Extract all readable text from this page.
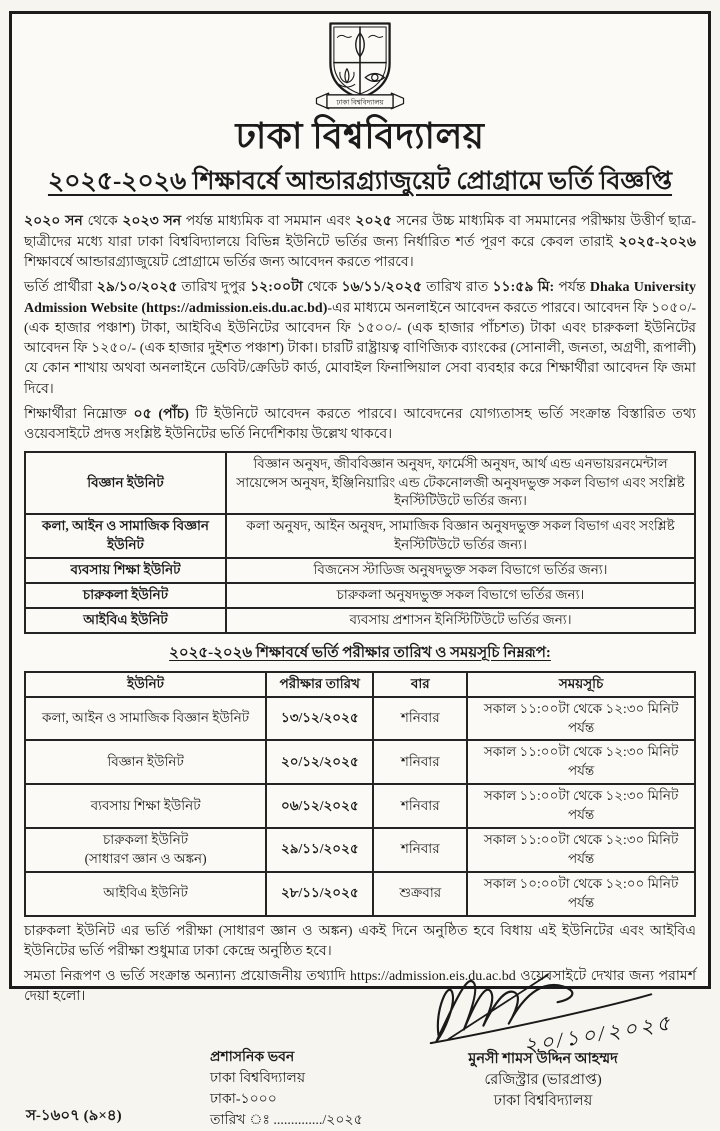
ঢাকা বিশ্ববিদ্যালয়
ঢাকা বিশ্ববিদ্যালয়
২০২৫-২০২৬ শিক্ষাবর্ষে আন্ডারগ্র্যাজুয়েট প্রোগ্রামে ভর্তি বিজ্ঞপ্তি

২০২০ সন থেকে ২০২৩ সন পর্যন্ত মাধ্যমিক বা সমমান এবং ২০২৫ সনের উচ্চ মাধ্যমিক বা সমমানের পরীক্ষায় উত্তীর্ণ ছাত্র-ছাত্রীদের মধ্যে যারা ঢাকা বিশ্ববিদ্যালয়ে বিভিন্ন ইউনিটে ভর্তির জন্য নির্ধারিত শর্ত পূরণ করে কেবল তারাই ২০২৫-২০২৬ শিক্ষাবর্ষে আন্ডারগ্র্যাজুয়েট প্রোগ্রামে ভর্তির জন্য আবেদন করতে পারবে।

ভর্তি প্রার্থীরা ২৯/১০/২০২৫ তারিখ দুপুর ১২:০০টা থেকে ১৬/১১/২০২৫ তারিখ রাত ১১:৫৯ মি: পর্যন্ত Dhaka University Admission Website (https://admission.eis.du.ac.bd)-এর মাধ্যমে অনলাইনে আবেদন করতে পারবে। আবেদন ফি ১০৫০/- (এক হাজার পঞ্চাশ) টাকা, আইবিএ ইউনিটের আবেদন ফি ১৫০০/- (এক হাজার পাঁচশত) টাকা এবং চারুকলা ইউনিটের আবেদন ফি ১২৫০/- (এক হাজার দুইশত পঞ্চাশ) টাকা। চারটি রাষ্ট্রায়ত্ব বাণিজ্যিক ব্যাংকের (সোনালী, জনতা, অগ্রণী, রূপালী) যে কোন শাখায় অথবা অনলাইনে ডেবিট/ক্রেডিট কার্ড, মোবাইল ফিনান্সিয়াল সেবা ব্যবহার করে শিক্ষার্থীরা আবেদন ফি জমা দিবে।

শিক্ষার্থীরা নিম্নোক্ত ০৫ (পাঁচ) টি ইউনিটে আবেদন করতে পারবে। আবেদনের যোগ্যতাসহ ভর্তি সংক্রান্ত বিস্তারিত তথ্য ওয়েবসাইটে প্রদত্ত সংশ্লিষ্ট ইউনিটের ভর্তি নির্দেশিকায় উল্লেখ থাকবে।

বিজ্ঞান ইউনিট	বিজ্ঞান অনুষদ, জীববিজ্ঞান অনুষদ, ফার্মেসী অনুষদ, আর্থ এন্ড এনভায়রনমেন্টাল সায়েন্সেস অনুষদ, ইঞ্জিনিয়ারিং এন্ড টেকনোলজী অনুষদভুক্ত সকল বিভাগ এবং সংশ্লিষ্ট ইনস্টিটিউটে ভর্তির জন্য।
কলা, আইন ও সামাজিক বিজ্ঞান ইউনিট	কলা অনুষদ, আইন অনুষদ, সামাজিক বিজ্ঞান অনুষদভুক্ত সকল বিভাগ এবং সংশ্লিষ্ট ইনস্টিটিউটে ভর্তির জন্য।
ব্যবসায় শিক্ষা ইউনিট	বিজনেস স্টাডিজ অনুষদভুক্ত সকল বিভাগে ভর্তির জন্য।
চারুকলা ইউনিট	চারুকলা অনুষদভুক্ত সকল বিভাগে ভর্তির জন্য।
আইবিএ ইউনিট	ব্যবসায় প্রশাসন ইনিস্টিটিউটে ভর্তির জন্য।
২০২৫-২০২৬ শিক্ষাবর্ষে ভর্তি পরীক্ষার তারিখ ও সময়সূচি নিম্নরূপ:
ইউনিট	পরীক্ষার তারিখ	বার	সময়সূচি
কলা, আইন ও সামাজিক বিজ্ঞান ইউনিট	১৩/১২/২০২৫	শনিবার	সকাল ১১:০০টা থেকে ১২:৩০ মিনিট পর্যন্ত
বিজ্ঞান ইউনিট	২০/১২/২০২৫	শনিবার	সকাল ১১:০০টা থেকে ১২:৩০ মিনিট পর্যন্ত
ব্যবসায় শিক্ষা ইউনিট	০৬/১২/২০২৫	শনিবার	সকাল ১১:০০টা থেকে ১২:৩০ মিনিট পর্যন্ত

চারুকলা ইউনিট
(সাধারণ জ্ঞান ও অঙ্কন)	২৯/১১/২০২৫	শনিবার	সকাল ১১:০০টা থেকে ১২:৩০ মিনিট পর্যন্ত
আইবিএ ইউনিট	২৮/১১/২০২৫	শুক্রবার	সকাল ১০:০০টা থেকে ১২:০০ মিনিট পর্যন্ত

চারুকলা ইউনিট এর ভর্তি পরীক্ষা (সাধারণ জ্ঞান ও অঙ্কন) একই দিনে অনুষ্ঠিত হবে বিধায় এই ইউনিটের এবং আইবিএ ইউনিটের ভর্তি পরীক্ষা শুধুমাত্র ঢাকা কেন্দ্রে অনুষ্ঠিত হবে।

সমতা নিরূপণ ও ভর্তি সংক্রান্ত অন্যান্য প্রয়োজনীয় তথ্যাদি https://admission.eis.du.ac.bd ওয়েবসাইটে দেখার জন্য পরামর্শ দেয়া হলো।

স-১৬০৭ (৯×৪)
প্রশাসনিক ভবন
ঢাকা বিশ্ববিদ্যালয়
ঢাকা-১০০০
তারিখ ঃ ............../২০২৫
২০/১০/২০২৫
মুনসী শামস উদ্দিন আহম্মদ
রেজিস্ট্রার (ভারপ্রাপ্ত)
ঢাকা বিশ্ববিদ্যালয়
